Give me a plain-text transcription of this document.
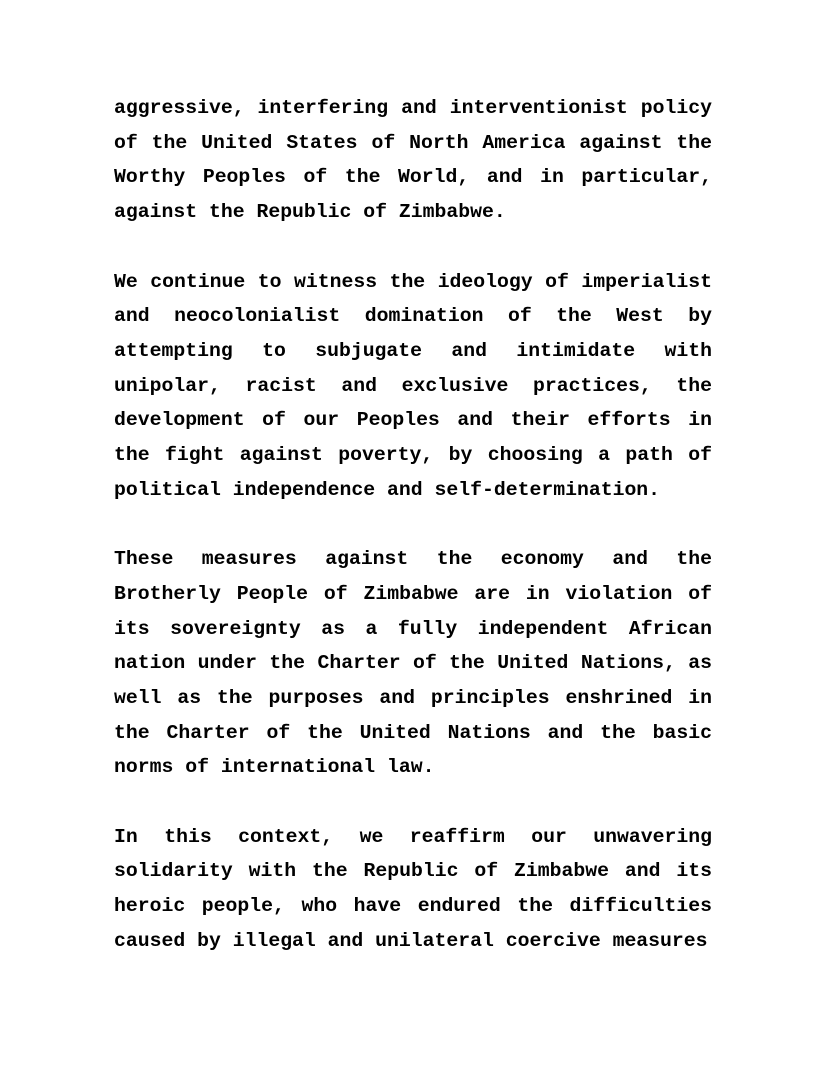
aggressive, interfering and interventionist policy
of the United States of North America against the
Worthy Peoples of the World, and in particular,
against the Republic of Zimbabwe.
We continue to witness the ideology of imperialist
and neocolonialist domination of the West by
attempting to subjugate and intimidate with
unipolar, racist and exclusive practices, the
development of our Peoples and their efforts in
the fight against poverty, by choosing a path of
political independence and self-determination.
These measures against the economy and the
Brotherly People of Zimbabwe are in violation of
its sovereignty as a fully independent African
nation under the Charter of the United Nations, as
well as the purposes and principles enshrined in
the Charter of the United Nations and the basic
norms of international law.
In this context, we reaffirm our unwavering
solidarity with the Republic of Zimbabwe and its
heroic people, who have endured the difficulties
caused by illegal and unilateral coercive measures
